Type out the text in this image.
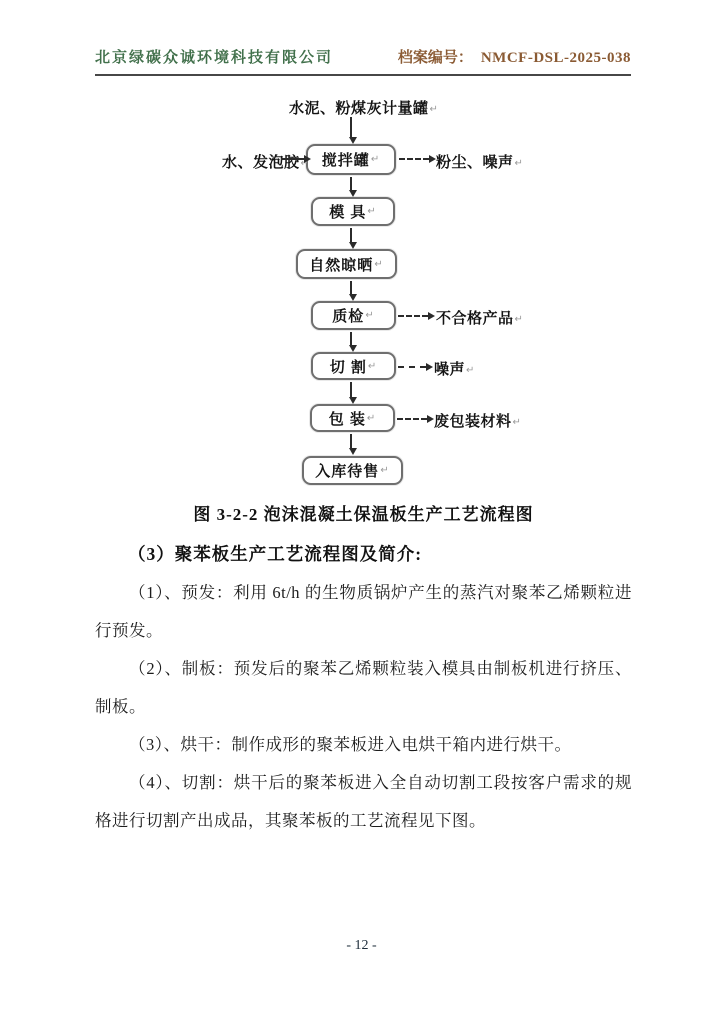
北京绿碳众诚环境科技有限公司	档案编号： NMCF-DSL-2025-038
水泥、粉煤灰计量罐↵
搅拌罐 ↵
水、发泡胶↵	粉尘、噪声↵
模 具 ↵
自然晾晒 ↵
质检 ↵	不合格产品↵
切 割 ↵	噪声↵
包 装 ↵	废包装材料↵
入库待售 ↵
图 3-2-2 泡沫混凝土保温板生产工艺流程图
（3）聚苯板生产工艺流程图及简介:

（1）、预发：利用 6t/h 的生物质锅炉产生的蒸汽对聚苯乙烯颗粒进行预发。

（2）、制板：预发后的聚苯乙烯颗粒装入模具由制板机进行挤压、制板。

（3）、烘干：制作成形的聚苯板进入电烘干箱内进行烘干。

（4）、切割：烘干后的聚苯板进入全自动切割工段按客户需求的规格进行切割产出成品，其聚苯板的工艺流程见下图。

- 12 -
